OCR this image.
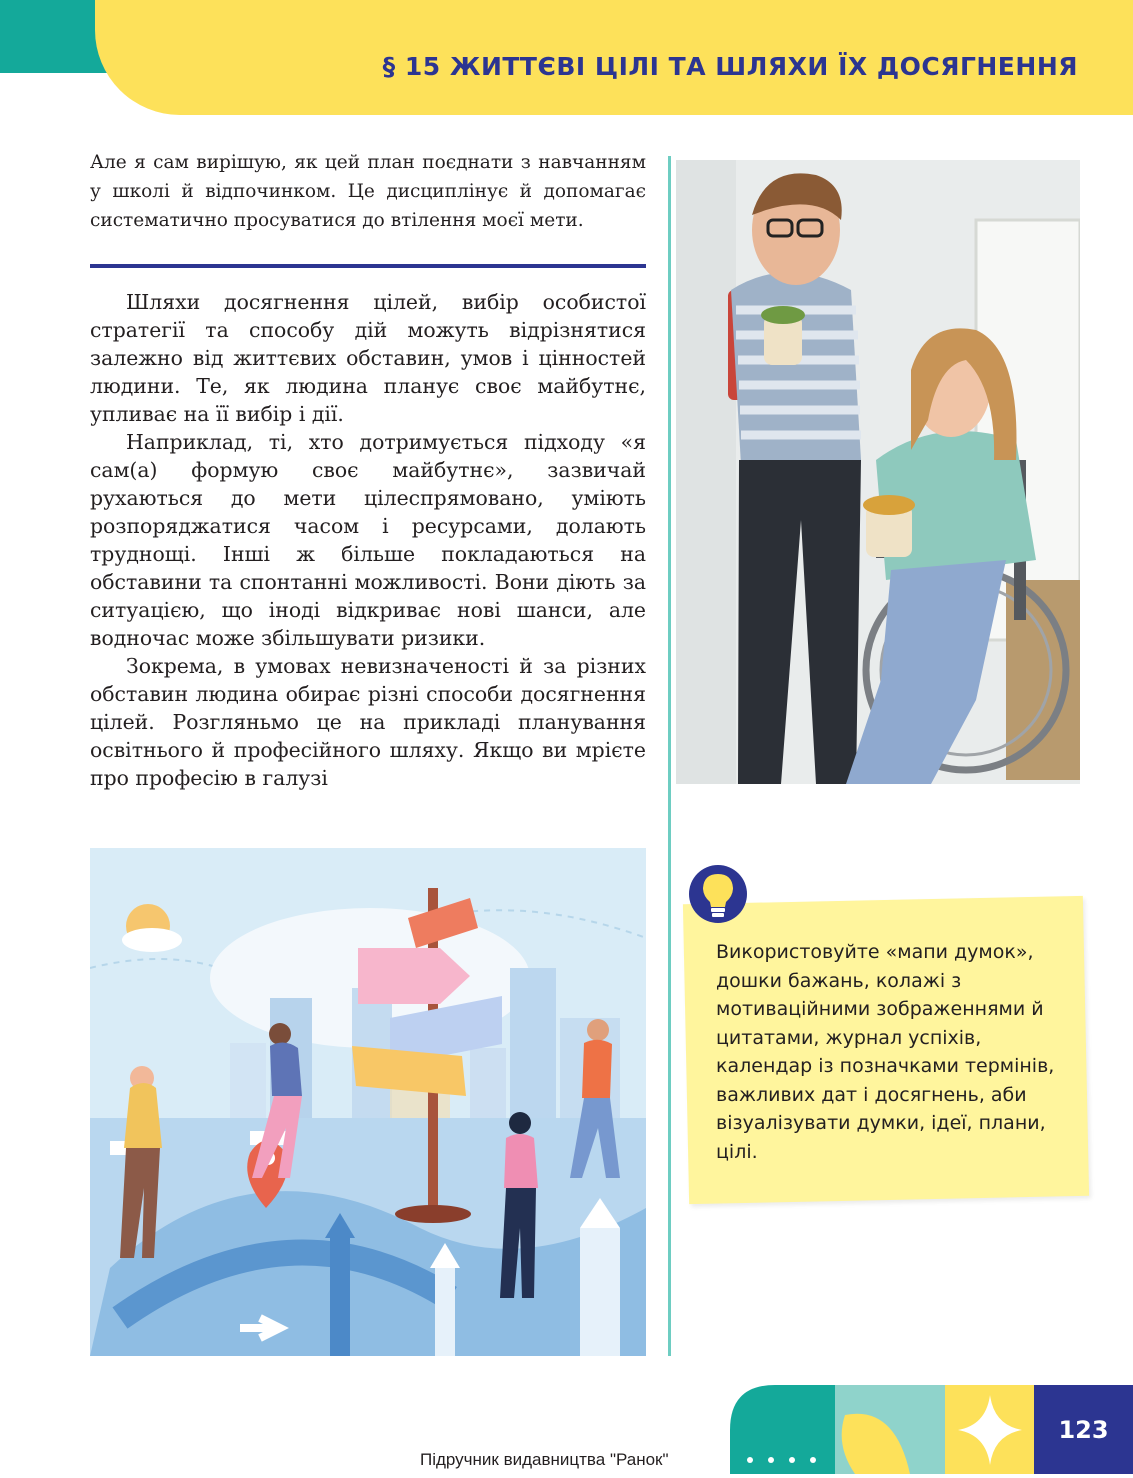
§ 15 ЖИТТЄВІ ЦІЛІ ТА ШЛЯХИ ЇХ ДОСЯГНЕННЯ

Але я сам вирішую, як цей план поєднати з навчанням у школі й відпочинком. Це дисциплінує й допомагає систематично просуватися до втілення моєї мети.

Шляхи досягнення цілей, вибір особистої стратегії та способу дій можуть відрізнятися залежно від життєвих обставин, умов і цінностей людини. Те, як людина планує своє майбутнє, упливає на її вибір і дії.

Наприклад, ті, хто дотримується підходу «я сам(а) формую своє майбутнє», зазвичай рухаються до мети цілеспрямовано, уміють розпоряджатися часом і ресурсами, долають труднощі. Інші ж більше покладаються на обставини та спонтанні можливості. Вони діють за ситуацією, що іноді відкриває нові шанси, але водночас може збільшувати ризики.

Зокрема, в умовах невизначеності й за різних обставин людина обирає різні способи досягнення цілей. Розгляньмо це на прикладі планування освітнього й професійного шляху. Якщо ви мрієте про професію в галузі

Використовуйте «мапи думок», дошки бажань, колажі з мотиваційними зображеннями й цитатами, журнал успіхів, календар із позначками термінів, важливих дат і досягнень, аби візуалізувати думки, ідеї, плани, цілі.

Підручник видавництва "Ранок"
123
